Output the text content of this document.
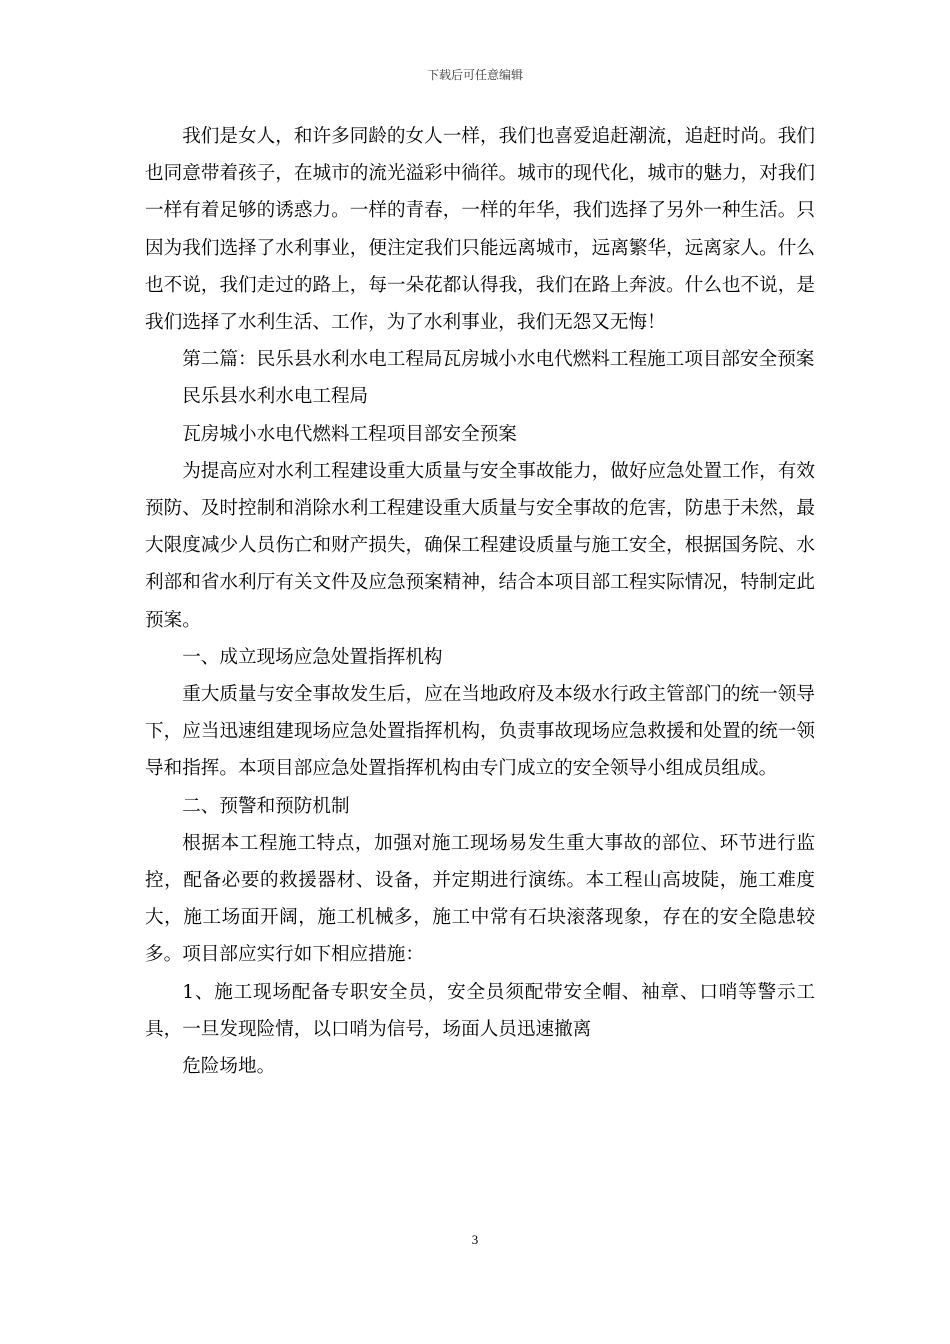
下载后可任意编辑

我们是女人，和许多同龄的女人一样，我们也喜爱追赶潮流，追赶时尚。我们也同意带着孩子，在城市的流光溢彩中徜徉。城市的现代化，城市的魅力，对我们一样有着足够的诱惑力。一样的青春，一样的年华，我们选择了另外一种生活。只因为我们选择了水利事业，便注定我们只能远离城市，远离繁华，远离家人。什么也不说，我们走过的路上，每一朵花都认得我，我们在路上奔波。什么也不说，是我们选择了水利生活、工作，为了水利事业，我们无怨又无悔！

第二篇：民乐县水利水电工程局瓦房城小水电代燃料工程施工项目部安全预案

民乐县水利水电工程局

瓦房城小水电代燃料工程项目部安全预案

为提高应对水利工程建设重大质量与安全事故能力，做好应急处置工作，有效预防、及时控制和消除水利工程建设重大质量与安全事故的危害，防患于未然，最大限度减少人员伤亡和财产损失，确保工程建设质量与施工安全，根据国务院、水利部和省水利厅有关文件及应急预案精神，结合本项目部工程实际情况，特制定此预案。

一、成立现场应急处置指挥机构

重大质量与安全事故发生后，应在当地政府及本级水行政主管部门的统一领导下，应当迅速组建现场应急处置指挥机构，负责事故现场应急救援和处置的统一领导和指挥。本项目部应急处置指挥机构由专门成立的安全领导小组成员组成。

二、预警和预防机制

根据本工程施工特点，加强对施工现场易发生重大事故的部位、环节进行监控，配备必要的救援器材、设备，并定期进行演练。本工程山高坡陡，施工难度大，施工场面开阔，施工机械多，施工中常有石块滚落现象，存在的安全隐患较多。项目部应实行如下相应措施：

1、施工现场配备专职安全员，安全员须配带安全帽、袖章、口哨等警示工具，一旦发现险情，以口哨为信号，场面人员迅速撤离

危险场地。

3
